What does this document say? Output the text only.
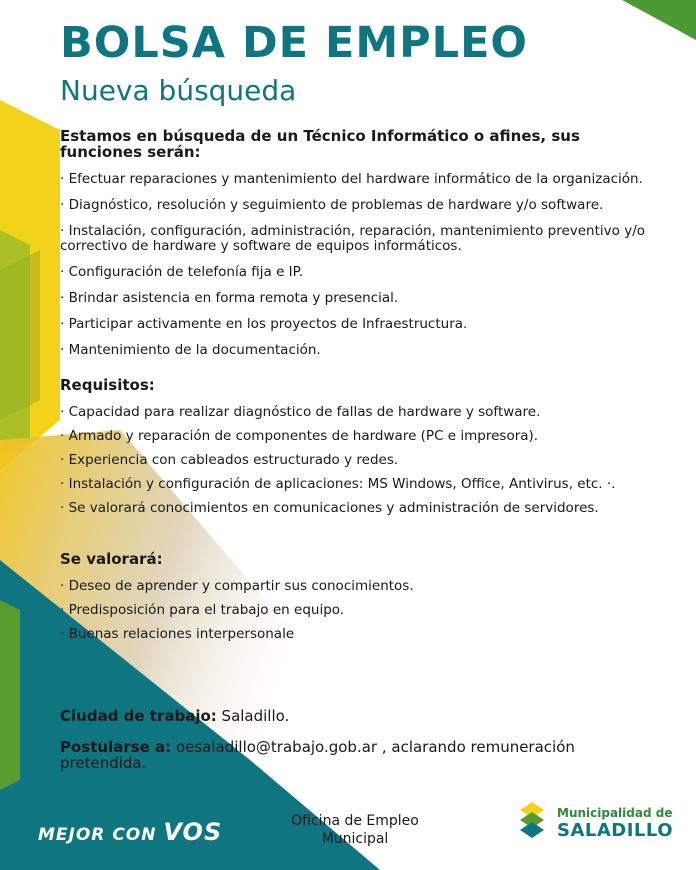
BOLSA DE EMPLEO
Nueva búsqueda

Estamos en búsqueda de un Técnico Informático o afines, sus funciones serán:

· Efectuar reparaciones y mantenimiento del hardware informático de la organización.

· Diagnóstico, resolución y seguimiento de problemas de hardware y/o software.

· Instalación, configuración, administración, reparación, mantenimiento preventivo y/o correctivo de hardware y software de equipos informáticos.

· Configuración de telefonía fija e IP.

· Brindar asistencia en forma remota y presencial.

· Participar activamente en los proyectos de Infraestructura.

· Mantenimiento de la documentación.

Requisitos:

· Capacidad para realizar diagnóstico de fallas de hardware y software.

· Armado y reparación de componentes de hardware (PC e impresora).

· Experiencia con cableados estructurado y redes.

· Instalación y configuración de aplicaciones: MS Windows, Office, Antivirus, etc. ·.

· Se valorará conocimientos en comunicaciones y administración de servidores.

Se valorará:

· Deseo de aprender y compartir sus conocimientos.

· Predisposición para el trabajo en equipo.

· Buenas relaciones interpersonale

Ciudad de trabajo: Saladillo.
Postularse a: oesaladillo@trabajo.gob.ar , aclarando remuneración pretendida.
MEJOR CON VOS	Oficina de Empleo
Municipal
Municipalidad de
SALADILLO
